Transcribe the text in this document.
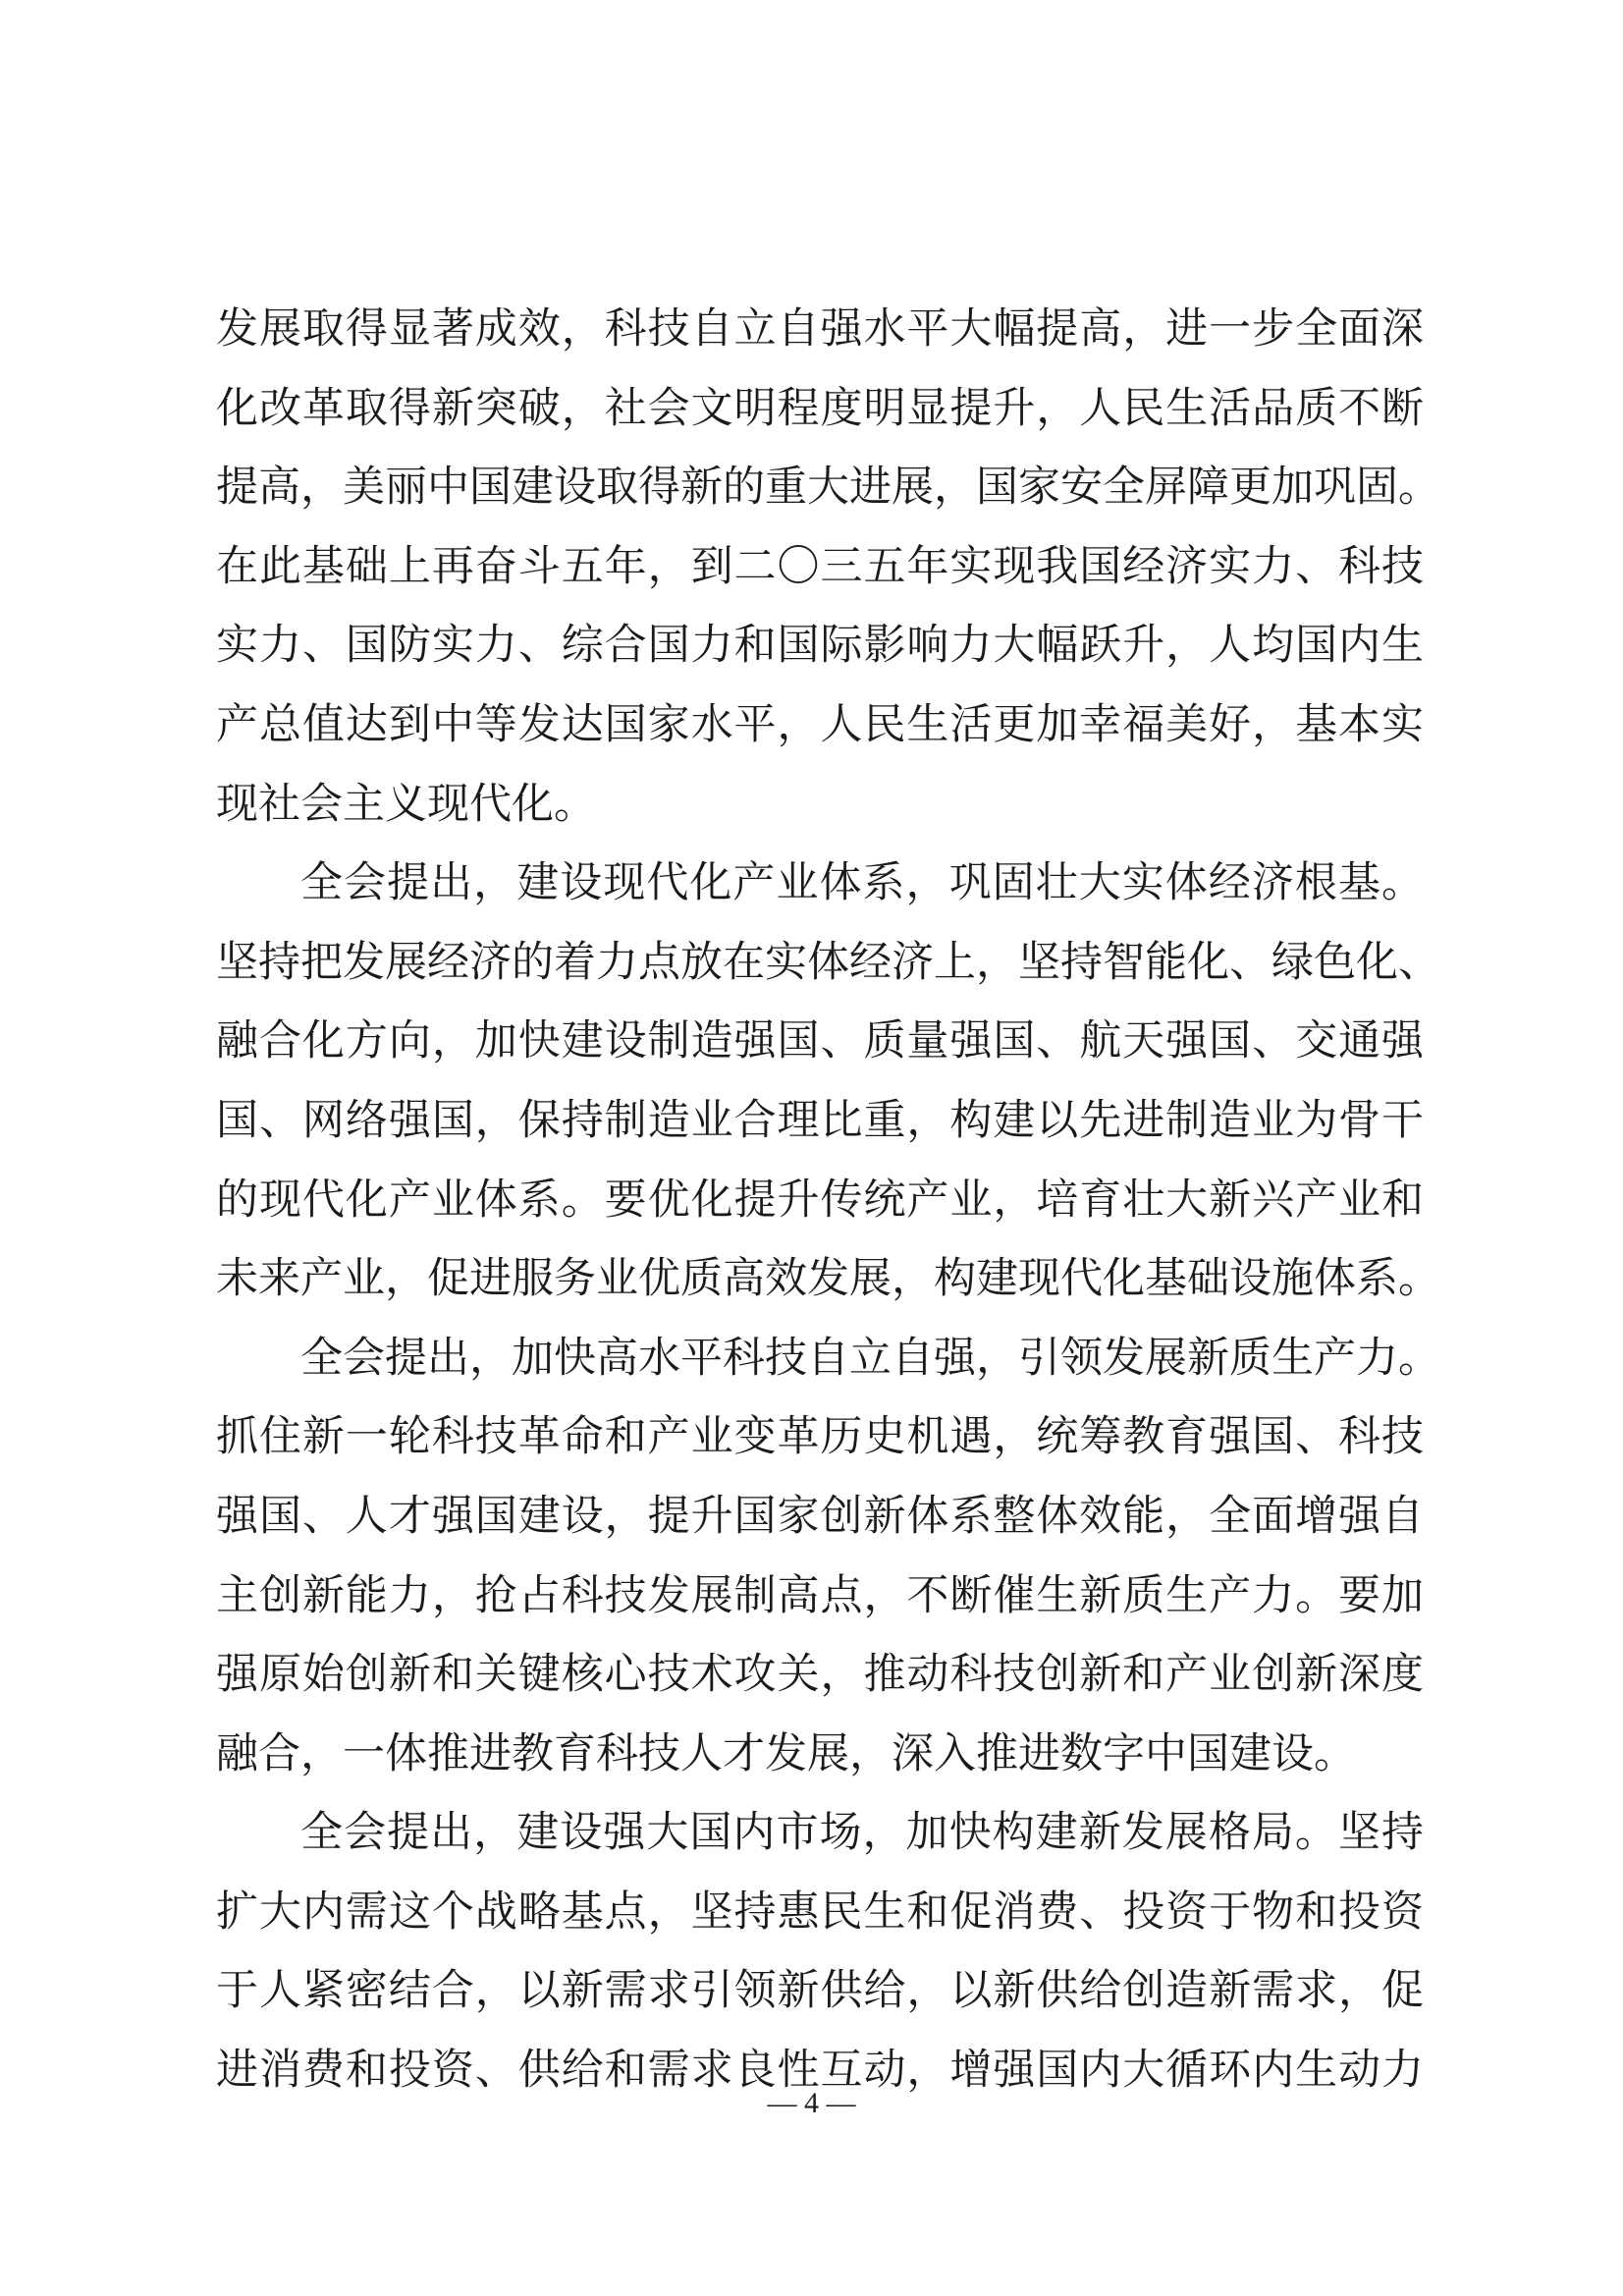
发展取得显著成效，科技自立自强水平大幅提高，进一步全面深
化改革取得新突破，社会文明程度明显提升，人民生活品质不断
提高，美丽中国建设取得新的重大进展，国家安全屏障更加巩固。
在此基础上再奋斗五年，到二〇三五年实现我国经济实力、科技
实力、国防实力、综合国力和国际影响力大幅跃升，人均国内生
产总值达到中等发达国家水平，人民生活更加幸福美好，基本实
现社会主义现代化。
全会提出，建设现代化产业体系，巩固壮大实体经济根基。
坚持把发展经济的着力点放在实体经济上，坚持智能化、绿色化、
融合化方向，加快建设制造强国、质量强国、航天强国、交通强
国、网络强国，保持制造业合理比重，构建以先进制造业为骨干
的现代化产业体系。要优化提升传统产业，培育壮大新兴产业和
未来产业，促进服务业优质高效发展，构建现代化基础设施体系。
全会提出，加快高水平科技自立自强，引领发展新质生产力。
抓住新一轮科技革命和产业变革历史机遇，统筹教育强国、科技
强国、人才强国建设，提升国家创新体系整体效能，全面增强自
主创新能力，抢占科技发展制高点，不断催生新质生产力。要加
强原始创新和关键核心技术攻关，推动科技创新和产业创新深度
融合，一体推进教育科技人才发展，深入推进数字中国建设。
全会提出，建设强大国内市场，加快构建新发展格局。坚持
扩大内需这个战略基点，坚持惠民生和促消费、投资于物和投资
于人紧密结合，以新需求引领新供给，以新供给创造新需求，促
进消费和投资、供给和需求良性互动，增强国内大循环内生动力
— 4 —
